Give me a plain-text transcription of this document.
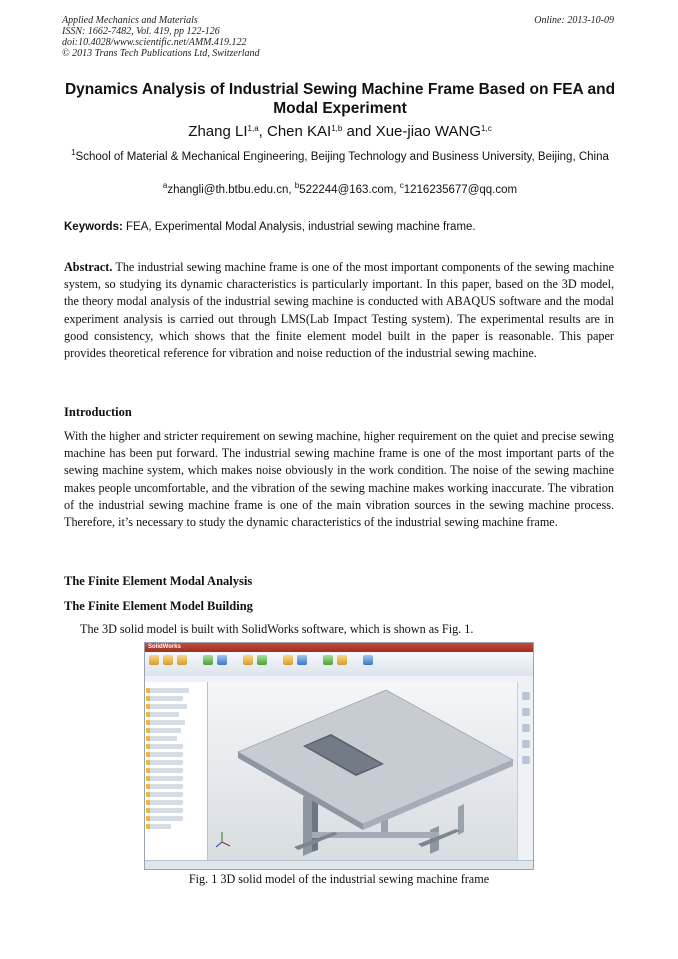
Applied Mechanics and Materials
ISSN: 1662-7482, Vol. 419, pp 122-126
doi:10.4028/www.scientific.net/AMM.419.122
© 2013 Trans Tech Publications Ltd, Switzerland
Online: 2013-10-09
Dynamics Analysis of Industrial Sewing Machine Frame Based on FEA and Modal Experiment
Zhang LI$^{1,a}$, Chen KAI$^{1,b}$ and Xue-jiao WANG$^{1,c}$
$^1$School of Material & Mechanical Engineering, Beijing Technology and Business University, Beijing, China
$^a$zhangli@th.btbu.edu.cn, $^b$522244@163.com, $^c$1216235677@qq.com
Keywords: FEA, Experimental Modal Analysis, industrial sewing machine frame.
Abstract. The industrial sewing machine frame is one of the most important components of the sewing machine system, so studying its dynamic characteristics is particularly important. In this paper, based on the 3D model, the theory modal analysis of the industrial sewing machine is conducted with ABAQUS software and the modal experiment analysis is carried out through LMS(Lab Impact Testing system). The experimental results are in good consistency, which shows that the finite element model built in the paper is reasonable. This paper provides theoretical reference for vibration and noise reduction of the industrial sewing machine.
Introduction
With the higher and stricter requirement on sewing machine, higher requirement on the quiet and precise sewing machine has been put forward. The industrial sewing machine frame is one of the most important parts of the sewing machine system, which makes noise obviously in the work condition. The noise of the sewing machine makes people uncomfortable, and the vibration of the sewing machine makes working inaccurate. The vibration of the industrial sewing machine frame is one of the main vibration sources in the sewing machine process. Therefore, it’s necessary to study the dynamic characteristics of the industrial sewing machine frame.
The Finite Element Modal Analysis
The Finite Element Model Building
The 3D solid model is built with SolidWorks software, which is shown as Fig. 1.
SolidWorks
Fig. 1 3D solid model of the industrial sewing machine frame
